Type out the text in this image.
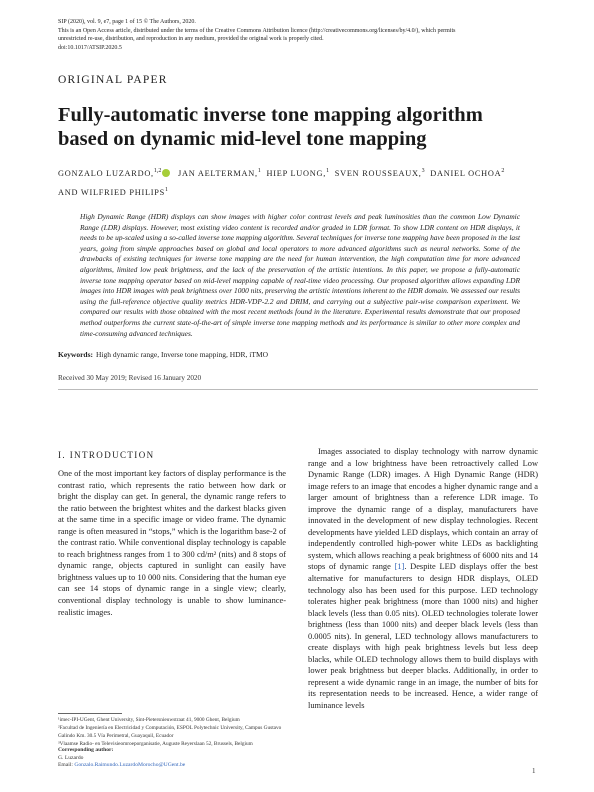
SIP (2020), vol. 9, e7, page 1 of 15 © The Authors, 2020.
This is an Open Access article, distributed under the terms of the Creative Commons Attribution licence (http://creativecommons.org/licenses/by/4.0/), which permits
unrestricted re-use, distribution, and reproduction in any medium, provided the original work is properly cited.
doi:10.1017/ATSIP.2020.5
ORIGINAL PAPER
Fully-automatic inverse tone mapping algorithm based on dynamic mid-level tone mapping
GONZALO LUZARDO,$^{1,2}$ JAN AELTERMAN,$^1$ HIEP LUONG,$^1$ SVEN ROUSSEAUX,$^3$ DANIEL OCHOA$^2$
AND WILFRIED PHILIPS$^1$
High Dynamic Range (HDR) displays can show images with higher color contrast levels and peak luminosities than the common Low Dynamic Range (LDR) displays. However, most existing video content is recorded and/or graded in LDR format. To show LDR content on HDR displays, it needs to be up-scaled using a so-called inverse tone mapping algorithm. Several techniques for inverse tone mapping have been proposed in the last years, going from simple approaches based on global and local operators to more advanced algorithms such as neural networks. Some of the drawbacks of existing techniques for inverse tone mapping are the need for human intervention, the high computation time for more advanced algorithms, limited low peak brightness, and the lack of the preservation of the artistic intentions. In this paper, we propose a fully-automatic inverse tone mapping operator based on mid-level mapping capable of real-time video processing. Our proposed algorithm allows expanding LDR images into HDR images with peak brightness over 1000 nits, preserving the artistic intentions inherent to the HDR domain. We assessed our results using the full-reference objective quality metrics HDR-VDP-2.2 and DRIM, and carrying out a subjective pair-wise comparison experiment. We compared our results with those obtained with the most recent methods found in the literature. Experimental results demonstrate that our proposed method outperforms the current state-of-the-art of simple inverse tone mapping methods and its performance is similar to other more complex and time-consuming advanced techniques.
Keywords: High dynamic range, Inverse tone mapping, HDR, iTMO
Received 30 May 2019; Revised 16 January 2020
I. INTRODUCTION

One of the most important key factors of display performance is the contrast ratio, which represents the ratio between how dark or bright the display can get. In general, the dynamic range refers to the ratio between the brightest whites and the darkest blacks given at the same time in a specific image or video frame. The dynamic range is often measured in “stops,” which is the logarithm base-2 of the contrast ratio. While conventional display technology is capable to reach brightness ranges from 1 to 300 cd/m² (nits) and 8 stops of dynamic range, objects captured in sunlight can easily have brightness values up to 10 000 nits. Considering that the human eye can see 14 stops of dynamic range in a single view; clearly, conventional display technology is unable to show luminance-realistic images.

Images associated to display technology with narrow dynamic range and a low brightness have been retroactively called Low Dynamic Range (LDR) images. A High Dynamic Range (HDR) image refers to an image that encodes a higher dynamic range and a larger amount of brightness than a reference LDR image. To improve the dynamic range of a display, manufacturers have innovated in the development of new display technologies. Recent developments have yielded LED displays, which contain an array of independently controlled high-power white LEDs as backlighting system, which allows reaching a peak brightness of 6000 nits and 14 stops of dynamic range [1]. Despite LED displays offer the best alternative for manufacturers to design HDR displays, OLED technology also has been used for this purpose. LED technology tolerates higher peak brightness (more than 1000 nits) and higher black levels (less than 0.05 nits). OLED technologies tolerate lower brightness (less than 1000 nits) and deeper black levels (less than 0.0005 nits). In general, LED technology allows manufacturers to create displays with high peak brightness levels but less deep blacks, while OLED technology allows them to build displays with lower peak brightness but deeper blacks. Additionally, in order to represent a wide dynamic range in an image, the number of bits for its representation needs to be increased. Hence, a wider range of luminance levels

¹imec-IPI-UGent, Ghent University, Sint-Pietersnieuwstraat 41, 9000 Ghent, Belgium

²Facultad de Ingeniería en Electricidad y Computación, ESPOL Polytechnic University, Campus Gustavo Galindo Km. 30.5 Vía Perimetral, Guayaquil, Ecuador

³Vlaamse Radio- en Televisieomroeporganisatie, Auguste Reyerslaan 52, Brussels, Belgium

Corresponding author:
G. Luzardo
Email: Gonzalo.Raimundo.LuzardoMorocho@UGent.be
1
